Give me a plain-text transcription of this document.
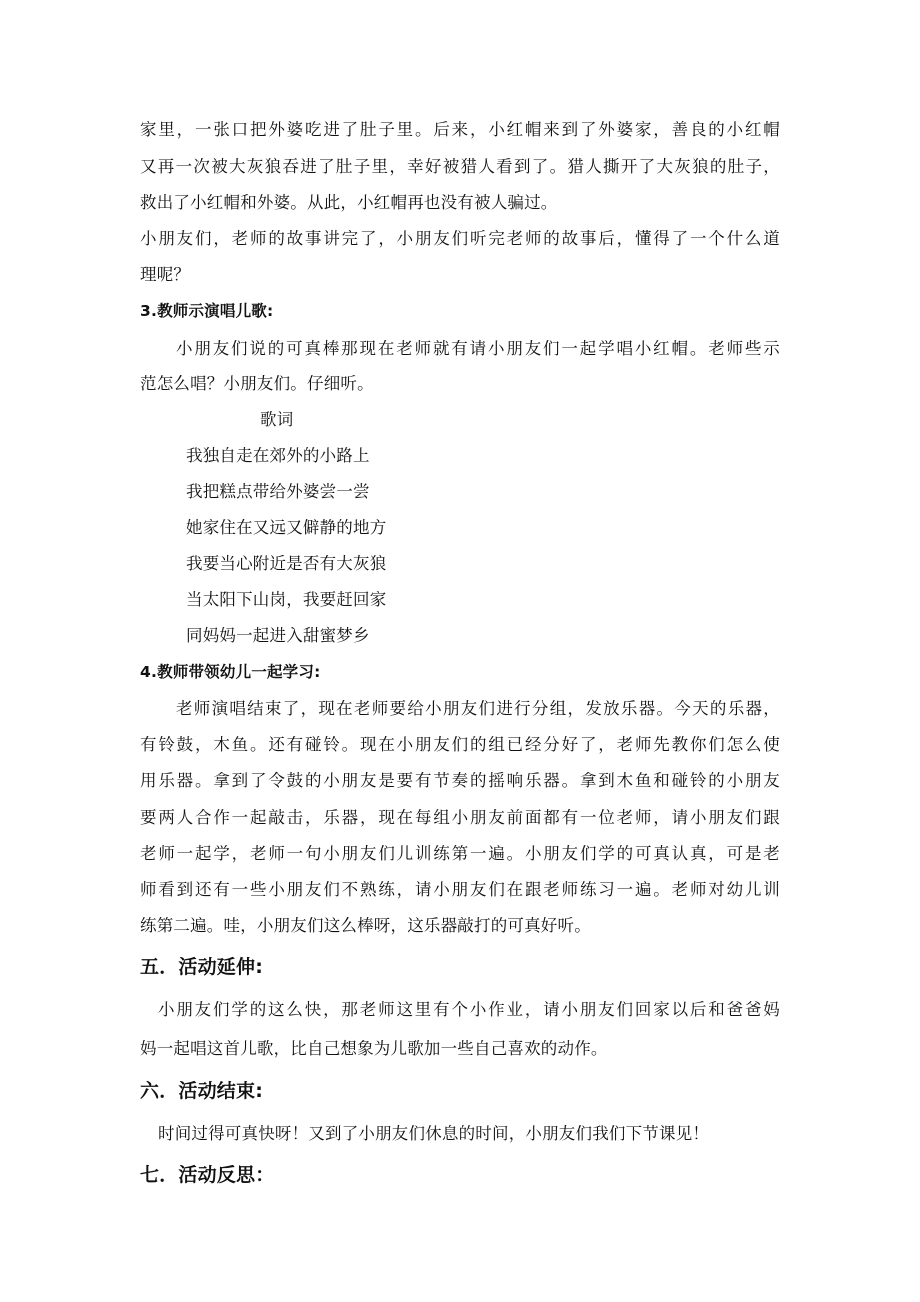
家里，一张口把外婆吃进了肚子里。后来，小红帽来到了外婆家，善良的小红帽
又再一次被大灰狼吞进了肚子里，幸好被猎人看到了。猎人撕开了大灰狼的肚子，
救出了小红帽和外婆。从此，小红帽再也没有被人骗过。
小朋友们，老师的故事讲完了，小朋友们听完老师的故事后，懂得了一个什么道
理呢？
3.教师示演唱儿歌:
小朋友们说的可真棒那现在老师就有请小朋友们一起学唱小红帽。老师些示
范怎么唱？小朋友们。仔细听。
歌词
我独自走在郊外的小路上
我把糕点带给外婆尝一尝
她家住在又远又僻静的地方
我要当心附近是否有大灰狼
当太阳下山岗，我要赶回家
同妈妈一起进入甜蜜梦乡
4.教师带领幼儿一起学习:
老师演唱结束了，现在老师要给小朋友们进行分组，发放乐器。今天的乐器，
有铃鼓，木鱼。还有碰铃。现在小朋友们的组已经分好了，老师先教你们怎么使
用乐器。拿到了令鼓的小朋友是要有节奏的摇响乐器。拿到木鱼和碰铃的小朋友
要两人合作一起敲击，乐器，现在每组小朋友前面都有一位老师，请小朋友们跟
老师一起学，老师一句小朋友们儿训练第一遍。小朋友们学的可真认真，可是老
师看到还有一些小朋友们不熟练，请小朋友们在跟老师练习一遍。老师对幼儿训
练第二遍。哇，小朋友们这么棒呀，这乐器敲打的可真好听。
五．活动延伸:
小朋友们学的这么快，那老师这里有个小作业，请小朋友们回家以后和爸爸妈
妈一起唱这首儿歌，比自己想象为儿歌加一些自己喜欢的动作。
六．活动结束:
时间过得可真快呀！又到了小朋友们休息的时间，小朋友们我们下节课见！
七．活动反思：
